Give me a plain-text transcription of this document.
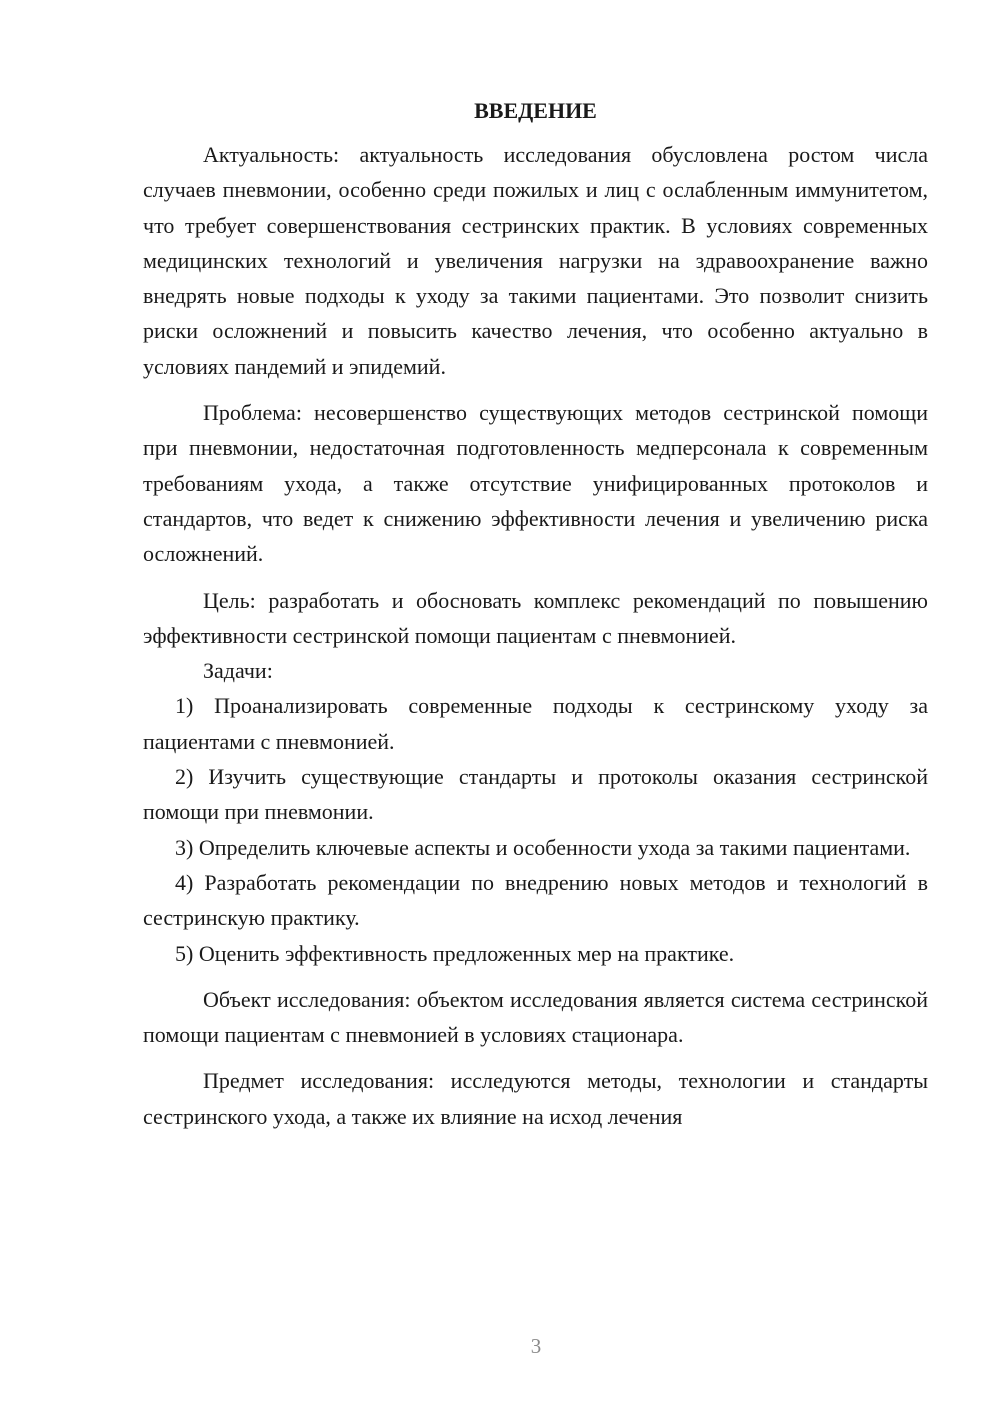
ВВЕДЕНИЕ

Актуальность: актуальность исследования обусловлена ростом числа случаев пневмонии, особенно среди пожилых и лиц с ослабленным иммунитетом, что требует совершенствования сестринских практик. В условиях современных медицинских технологий и увеличения нагрузки на здравоохранение важно внедрять новые подходы к уходу за такими пациентами. Это позволит снизить риски осложнений и повысить качество лечения, что особенно актуально в условиях пандемий и эпидемий.

Проблема: несовершенство существующих методов сестринской помощи при пневмонии, недостаточная подготовленность медперсонала к современным требованиям ухода, а также отсутствие унифицированных протоколов и стандартов, что ведет к снижению эффективности лечения и увеличению риска осложнений.

Цель: разработать и обосновать комплекс рекомендаций по повышению эффективности сестринской помощи пациентам с пневмонией.

Задачи:

1) Проанализировать современные подходы к сестринскому уходу за пациентами с пневмонией.

2) Изучить существующие стандарты и протоколы оказания сестринской помощи при пневмонии.

3) Определить ключевые аспекты и особенности ухода за такими пациентами.

4) Разработать рекомендации по внедрению новых методов и технологий в сестринскую практику.

5) Оценить эффективность предложенных мер на практике.

Объект исследования: объектом исследования является система сестринской помощи пациентам с пневмонией в условиях стационара.

Предмет исследования: исследуются методы, технологии и стандарты сестринского ухода, а также их влияние на исход лечения

3
